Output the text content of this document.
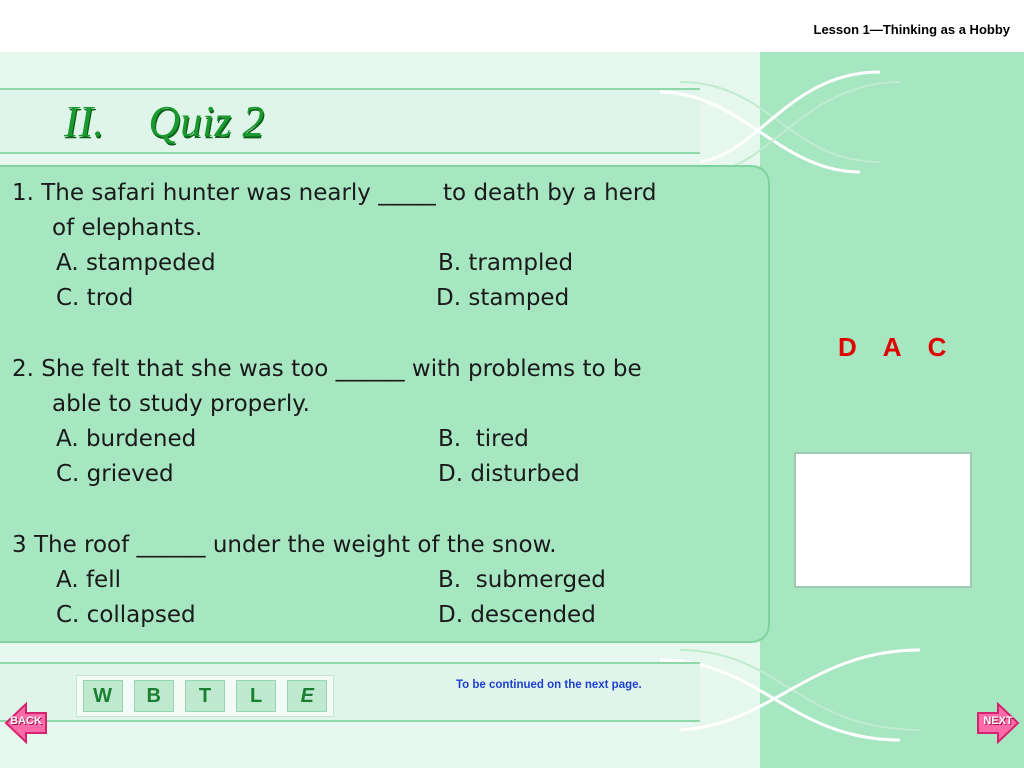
Lesson 1—Thinking as a Hobby
II. Quiz 2
1. The safari hunter was nearly _____ to death by a herd
of elephants.
A. stampeded	B. trampled
C. trod	D. stamped
2. She felt that she was too ______ with problems to be
able to study properly.
A. burdened	B.  tired
C. grieved	D. disturbed
3 The roof ______ under the weight of the snow.
A. fell	B.  submerged
C. collapsed	D. descended
D A C
W	B	T	L	E	To be continued on the next page.
BACK	NEXT
